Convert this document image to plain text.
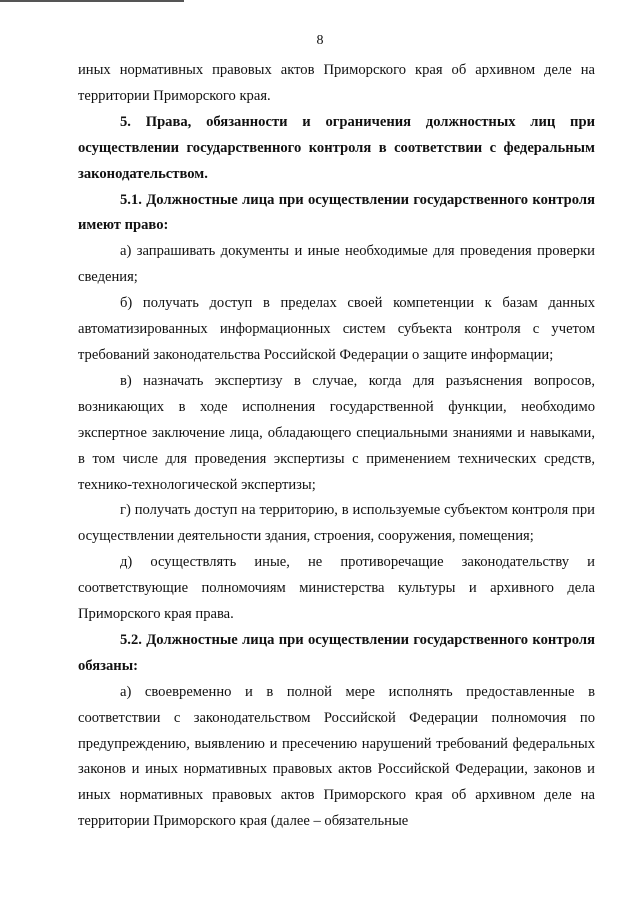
8

иных нормативных правовых актов Приморского края об архивном деле на территории Приморского края.

5. Права, обязанности и ограничения должностных лиц при осуществлении государственного контроля в соответствии с федеральным законодательством.

5.1. Должностные лица при осуществлении государственного контроля имеют право:

а) запрашивать документы и иные необходимые для проведения проверки сведения;

б) получать доступ в пределах своей компетенции к базам данных автоматизированных информационных систем субъекта контроля с учетом требований законодательства Российской Федерации о защите информации;

в) назначать экспертизу в случае, когда для разъяснения вопросов, возникающих в ходе исполнения государственной функции, необходимо экспертное заключение лица, обладающего специальными знаниями и навыками, в том числе для проведения экспертизы с применением технических средств, технико-технологической экспертизы;

г) получать доступ на территорию, в используемые субъектом контроля при осуществлении деятельности здания, строения, сооружения, помещения;

д) осуществлять иные, не противоречащие законодательству и соответствующие полномочиям министерства культуры и архивного дела Приморского края права.

5.2. Должностные лица при осуществлении государственного контроля обязаны:

а) своевременно и в полной мере исполнять предоставленные в соответствии с законодательством Российской Федерации полномочия по предупреждению, выявлению и пресечению нарушений требований федеральных законов и иных нормативных правовых актов Российской Федерации, законов и иных нормативных правовых актов Приморского края об архивном деле на территории Приморского края (далее – обязательные
